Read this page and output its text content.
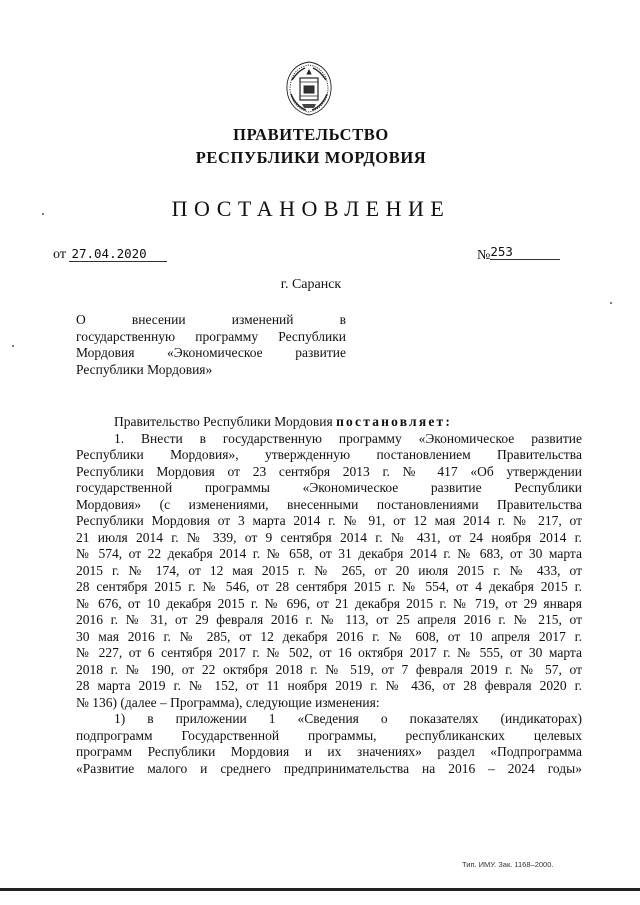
ПРАВИТЕЛЬСТВО
РЕСПУБЛИКИ МОРДОВИЯ
ПОСТАНОВЛЕНИЕ
от 27.04.2020	№253
г. Саранск
О внесении изменений в
государственную программу Республики
Мордовия «Экономическое развитие
Республики Мордовия»
Правительство Республики Мордовия постановляет:
1. Внести в государственную программу «Экономическое развитие
Республики Мордовия», утвержденную постановлением Правительства
Республики Мордовия от 23 сентября 2013 г. № 417 «Об утверждении
государственной программы «Экономическое развитие Республики
Мордовия» (с изменениями, внесенными постановлениями Правительства
Республики Мордовия от 3 марта 2014 г. № 91, от 12 мая 2014 г. № 217, от
21 июля 2014 г. № 339, от 9 сентября 2014 г. № 431, от 24 ноября 2014 г.
№ 574, от 22 декабря 2014 г. № 658, от 31 декабря 2014 г. № 683, от 30 марта
2015 г. № 174, от 12 мая 2015 г. № 265, от 20 июля 2015 г. № 433, от
28 сентября 2015 г. № 546, от 28 сентября 2015 г. № 554, от 4 декабря 2015 г.
№ 676, от 10 декабря 2015 г. № 696, от 21 декабря 2015 г. № 719, от 29 января
2016 г. № 31, от 29 февраля 2016 г. № 113, от 25 апреля 2016 г. № 215, от
30 мая 2016 г. № 285, от 12 декабря 2016 г. № 608, от 10 апреля 2017 г.
№ 227, от 6 сентября 2017 г. № 502, от 16 октября 2017 г. № 555, от 30 марта
2018 г. № 190, от 22 октября 2018 г. № 519, от 7 февраля 2019 г. № 57, от
28 марта 2019 г. № 152, от 11 ноября 2019 г. № 436, от 28 февраля 2020 г.
№ 136) (далее – Программа), следующие изменения:
1) в приложении 1 «Сведения о показателях (индикаторах)
подпрограмм Государственной программы, республиканских целевых
программ Республики Мордовия и их значениях» раздел «Подпрограмма
«Развитие малого и среднего предпринимательства на 2016 – 2024 годы»
Тип. ИМУ. Зак. 1168–2000.
